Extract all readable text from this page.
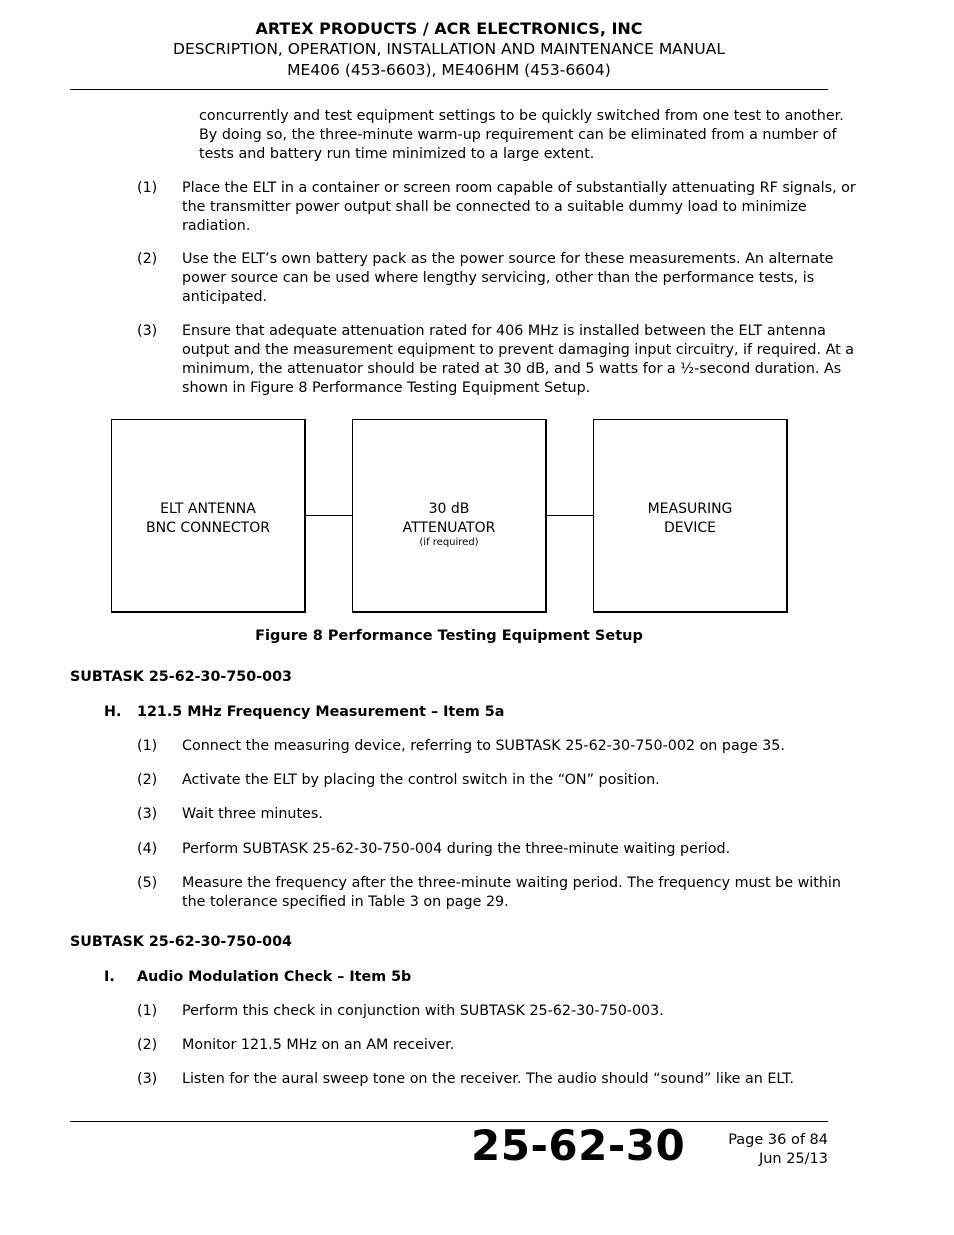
ARTEX PRODUCTS / ACR ELECTRONICS, INC
DESCRIPTION, OPERATION, INSTALLATION AND MAINTENANCE MANUAL
ME406 (453-6603), ME406HM (453-6604)
concurrently and test equipment settings to be quickly switched from one test to another.
By doing so, the three-minute warm-up requirement can be eliminated from a number of
tests and battery run time minimized to a large extent.
(1) Place the ELT in a container or screen room capable of substantially attenuating RF signals, or
the transmitter power output shall be connected to a suitable dummy load to minimize
radiation.
(2) Use the ELT’s own battery pack as the power source for these measurements. An alternate
power source can be used where lengthy servicing, other than the performance tests, is
anticipated.
(3) Ensure that adequate attenuation rated for 406 MHz is installed between the ELT antenna
output and the measurement equipment to prevent damaging input circuitry, if required. At a
minimum, the attenuator should be rated at 30 dB, and 5 watts for a ½-second duration. As
shown in Figure 8 Performance Testing Equipment Setup.
ELT ANTENNA
BNC CONNECTOR
30 dB
ATTENUATOR
(if required)
MEASURING
DEVICE
Figure 8 Performance Testing Equipment Setup
SUBTASK 25-62-30-750-003
H. 121.5 MHz Frequency Measurement – Item 5a
(1) Connect the measuring device, referring to SUBTASK 25-62-30-750-002 on page 35.
(2) Activate the ELT by placing the control switch in the “ON” position.
(3) Wait three minutes.
(4) Perform SUBTASK 25-62-30-750-004 during the three-minute waiting period.
(5) Measure the frequency after the three-minute waiting period. The frequency must be within
the tolerance specified in Table 3 on page 29.
SUBTASK 25-62-30-750-004
I. Audio Modulation Check – Item 5b
(1) Perform this check in conjunction with SUBTASK 25-62-30-750-003.
(2) Monitor 121.5 MHz on an AM receiver.
(3) Listen for the aural sweep tone on the receiver. The audio should “sound” like an ELT.
25-62-30	Page 36 of 84
Jun 25/13
